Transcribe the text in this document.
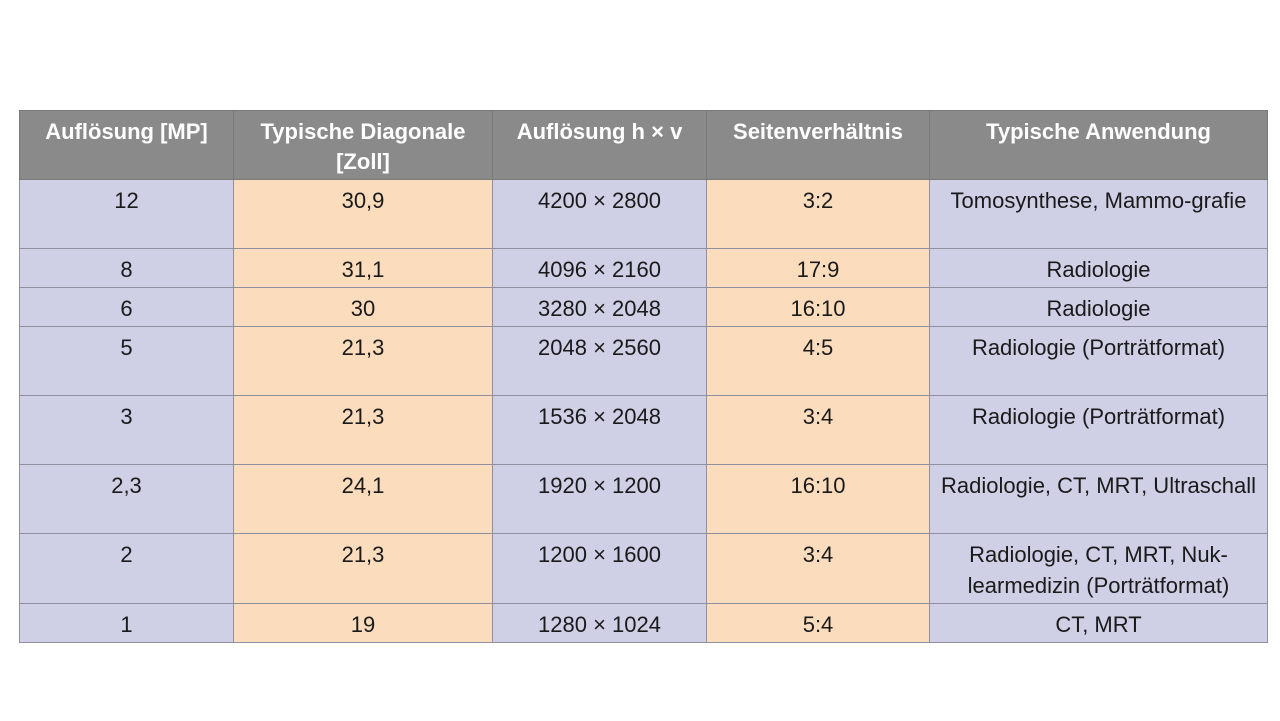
Auflösung [MP]	Typische Diagonale [Zoll]	Auflösung h × v	Seitenverhältnis	Typische Anwendung
12	30,9	4200 × 2800	3:2	Tomosynthese, Mammo-grafie
8	31,1	4096 × 2160	17:9	Radiologie
6	30	3280 × 2048	16:10	Radiologie
5	21,3	2048 × 2560	4:5	Radiologie (Porträtformat)
3	21,3	1536 × 2048	3:4	Radiologie (Porträtformat)
2,3	24,1	1920 × 1200	16:10	Radiologie, CT, MRT, Ultraschall
2	21,3	1200 × 1600	3:4	Radiologie, CT, MRT, Nuk-learmedizin (Porträtformat)
1	19	1280 × 1024	5:4	CT, MRT
